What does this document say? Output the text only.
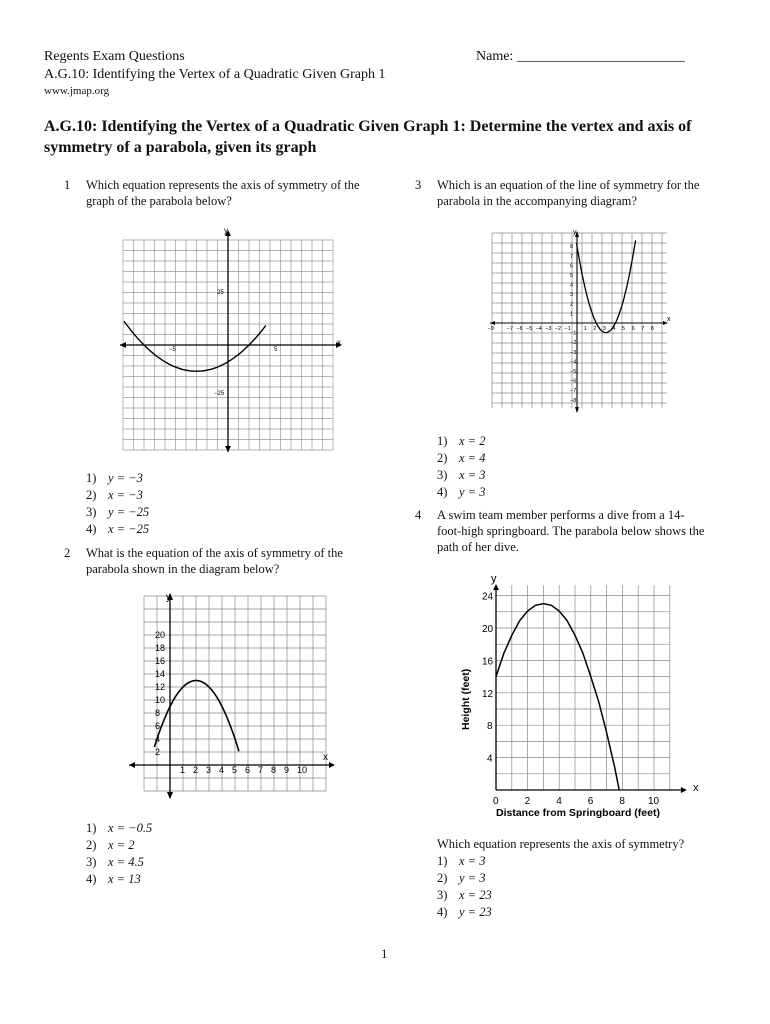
Regents Exam Questions
A.G.10: Identifying the Vertex of a Quadratic Given Graph 1
www.jmap.org
Name: ________________________
A.G.10: Identifying the Vertex of a Quadratic Given Graph 1: Determine the vertex and axis of symmetry of a parabola, given its graph
1 Which equation represents the axis of symmetry of the graph of the parabola below?
x
y
−5	5
25
−25
1) y = −3
2) x = −3
3) y = −25
4) x = −25
2 What is the equation of the axis of symmetry of the parabola shown in the diagram below?
1 2 3 4 5 6 7 8 9 10
20
18
16
14
12
10
8
6
4
2	x
y
1) x = −0.5
2) x = 2
3) x = 4.5
4) x = 13
3 Which is an equation of the line of symmetry for the parabola in the accompanying diagram?
−9 −7 −6 −5 −4 −3 −2 −1 1 2 3 4 5 6 7 8
8
7
6
5
4
3
2
1
−1
−2
−3
−4
−5
−6
−7
−8
x
y
1) x = 2
2) x = 4
3) x = 3
4) y = 3
4 A swim team member performs a dive from a 14-foot-high springboard. The parabola below shows the path of her dive.
0	2	4	6	8 10
24
20
16
12
8
4
x
y
Distance from Springboard (feet)
Height (feet)
Which equation represents the axis of symmetry?
1) x = 3
2) y = 3
3) x = 23
4) y = 23
1
